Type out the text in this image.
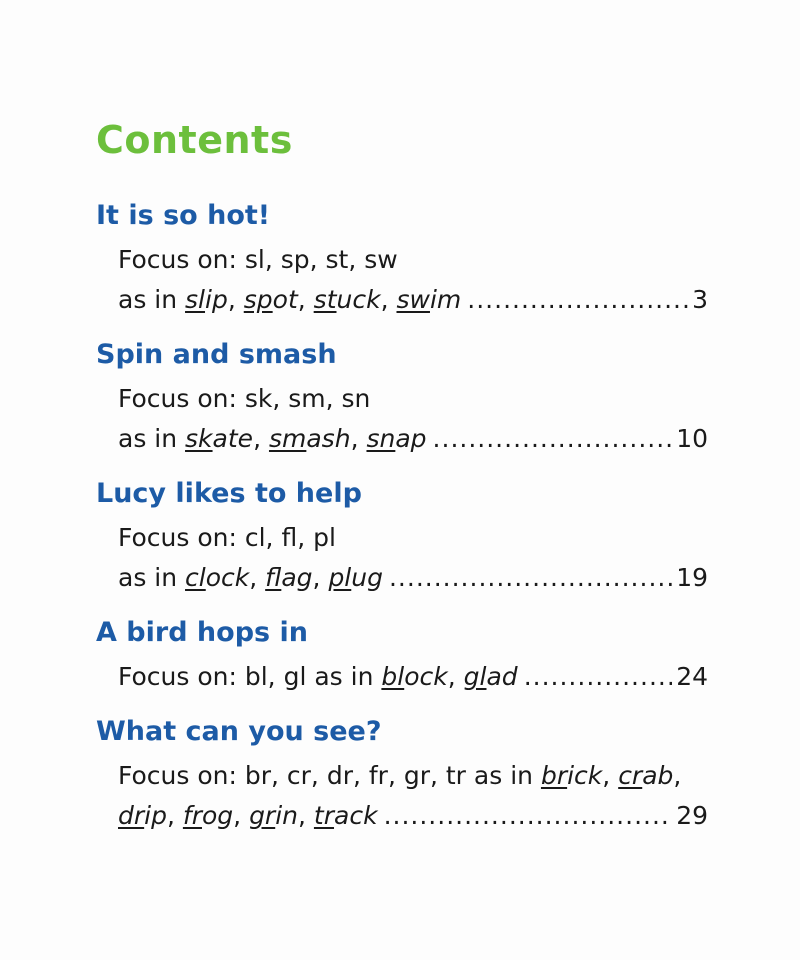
Contents
It is so hot!
Focus on: sl, sp, st, sw
as in slip , spot , stuck , swim .....	3
Spin and smash
Focus on: sk, sm, sn
as in skate , smash , snap .....	10
Lucy likes to help
Focus on: cl, fl, pl
as in clock , flag , plug .....	19
A bird hops in
Focus on: bl, gl as in block , glad .....	24
What can you see?
Focus on: br, cr, dr, fr, gr, tr as in brick , crab ,
drip , frog , grin , track .....	29
